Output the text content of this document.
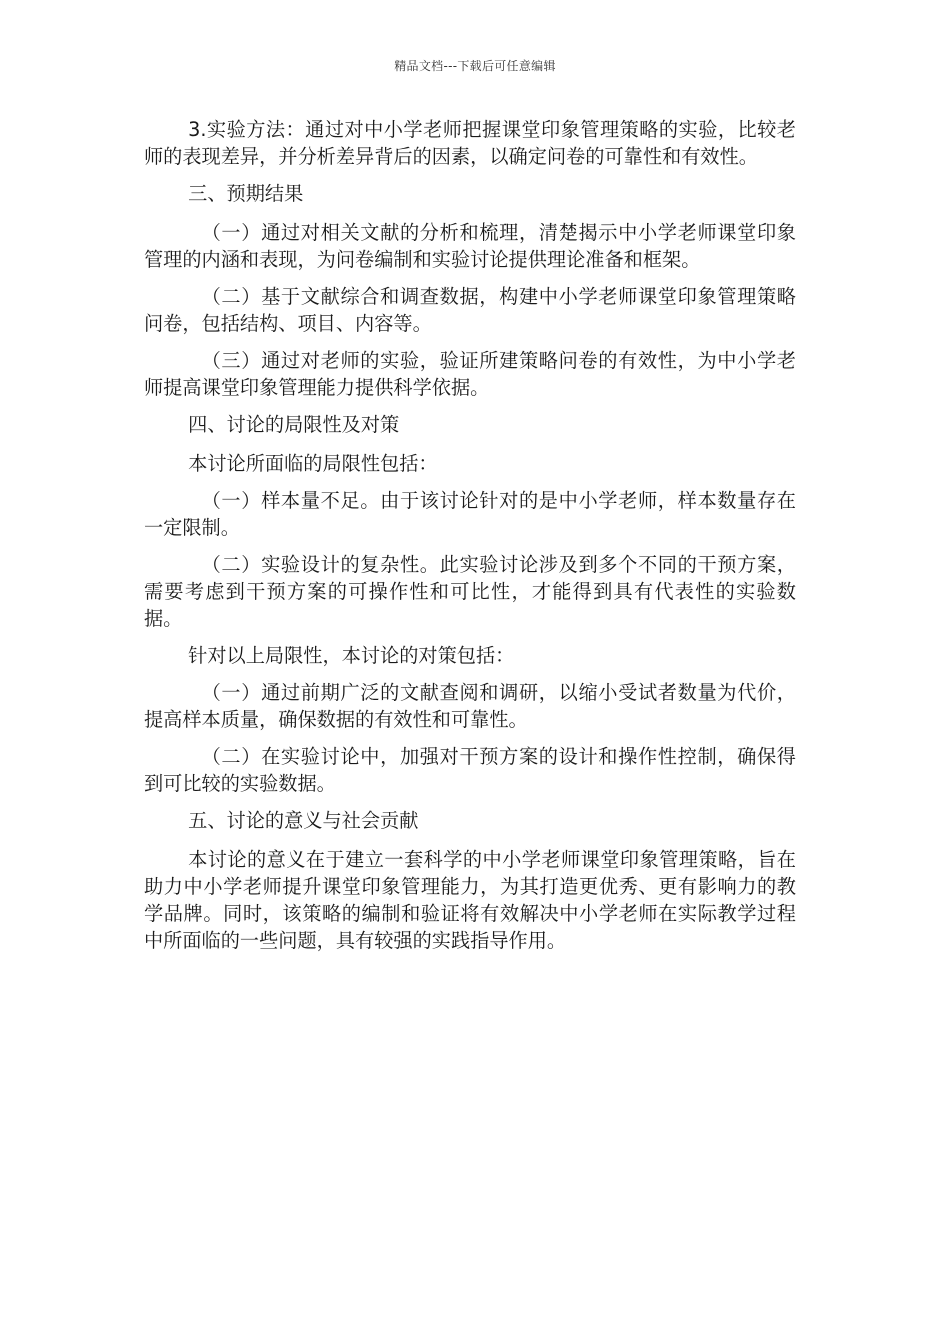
精品文档---下载后可任意编辑

3.实验方法：通过对中小学老师把握课堂印象管理策略的实验，比较老师的表现差异，并分析差异背后的因素，以确定问卷的可靠性和有效性。

三、预期结果

（一）通过对相关文献的分析和梳理，清楚揭示中小学老师课堂印象管理的内涵和表现，为问卷编制和实验讨论提供理论准备和框架。

（二）基于文献综合和调查数据，构建中小学老师课堂印象管理策略问卷，包括结构、项目、内容等。

（三）通过对老师的实验，验证所建策略问卷的有效性，为中小学老师提高课堂印象管理能力提供科学依据。

四、讨论的局限性及对策

本讨论所面临的局限性包括：

（一）样本量不足。由于该讨论针对的是中小学老师，样本数量存在一定限制。

（二）实验设计的复杂性。此实验讨论涉及到多个不同的干预方案，需要考虑到干预方案的可操作性和可比性，才能得到具有代表性的实验数据。

针对以上局限性，本讨论的对策包括：

（一）通过前期广泛的文献查阅和调研，以缩小受试者数量为代价，提高样本质量，确保数据的有效性和可靠性。

（二）在实验讨论中，加强对干预方案的设计和操作性控制，确保得到可比较的实验数据。

五、讨论的意义与社会贡献

本讨论的意义在于建立一套科学的中小学老师课堂印象管理策略，旨在助力中小学老师提升课堂印象管理能力，为其打造更优秀、更有影响力的教学品牌。同时，该策略的编制和验证将有效解决中小学老师在实际教学过程中所面临的一些问题，具有较强的实践指导作用。
